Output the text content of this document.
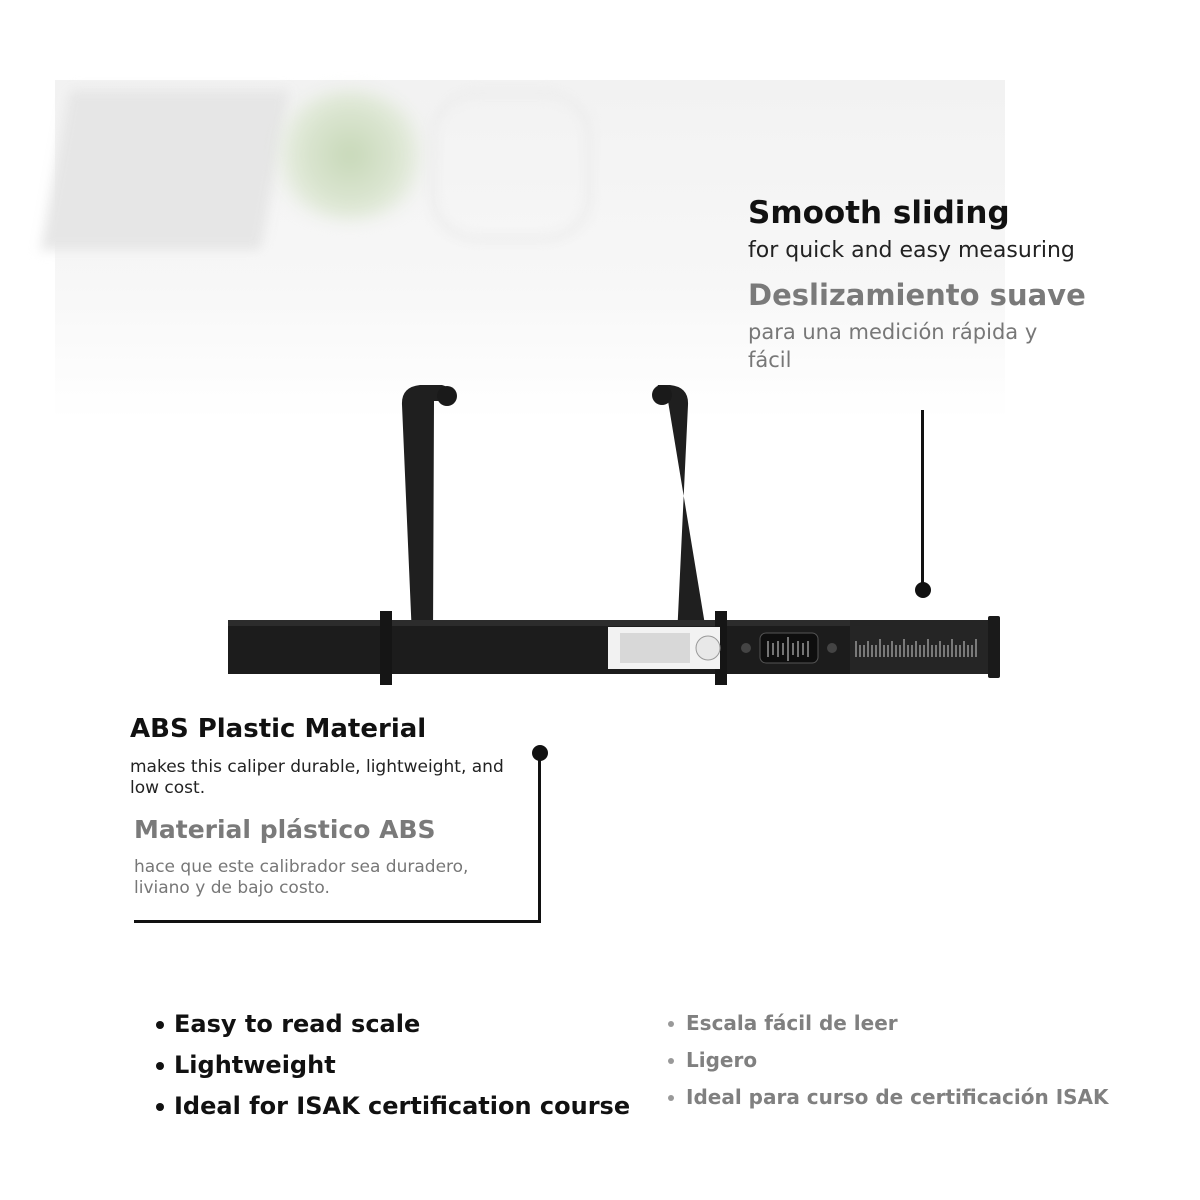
Smooth sliding

for quick and easy measuring

Deslizamiento suave

para una medición rápida y

fácil

ABS Plastic Material

makes this caliper durable, lightweight, and

low cost.

Material plástico ABS

hace que este calibrador sea duradero,

liviano y de bajo costo.

Easy to read scale
Lightweight
Ideal for ISAK certification course
Escala fácil de leer
Ligero
Ideal para curso de certificación ISAK
